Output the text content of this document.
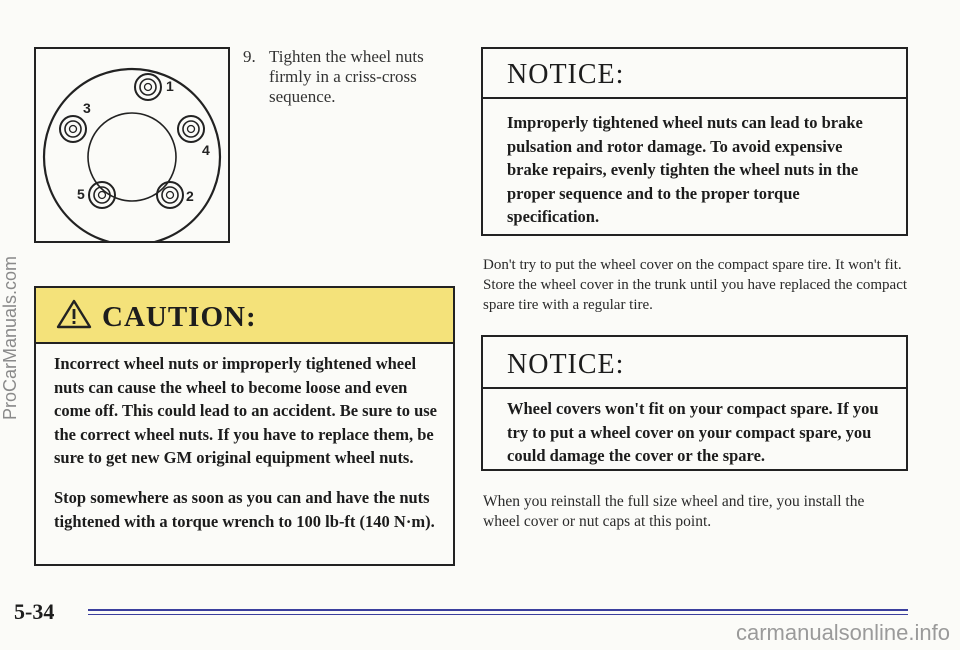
1
2
3
4
5
9. Tighten the wheel nuts firmly in a criss-cross sequence.
CAUTION:

Incorrect wheel nuts or improperly tightened wheel nuts can cause the wheel to become loose and even come off. This could lead to an accident. Be sure to use the correct wheel nuts. If you have to replace them, be sure to get new GM original equipment wheel nuts.

Stop somewhere as soon as you can and have the nuts tightened with a torque wrench to 100 lb-ft (140 N·m).

NOTICE:

Improperly tightened wheel nuts can lead to brake pulsation and rotor damage. To avoid expensive brake repairs, evenly tighten the wheel nuts in the proper sequence and to the proper torque specification.

Don't try to put the wheel cover on the compact spare tire. It won't fit. Store the wheel cover in the trunk until you have replaced the compact spare tire with a regular tire.

NOTICE:

Wheel covers won't fit on your compact spare. If you try to put a wheel cover on your compact spare, you could damage the cover or the spare.

When you reinstall the full size wheel and tire, you install the wheel cover or nut caps at this point.

5-34
ProCarManuals.com
carmanualsonline.info
